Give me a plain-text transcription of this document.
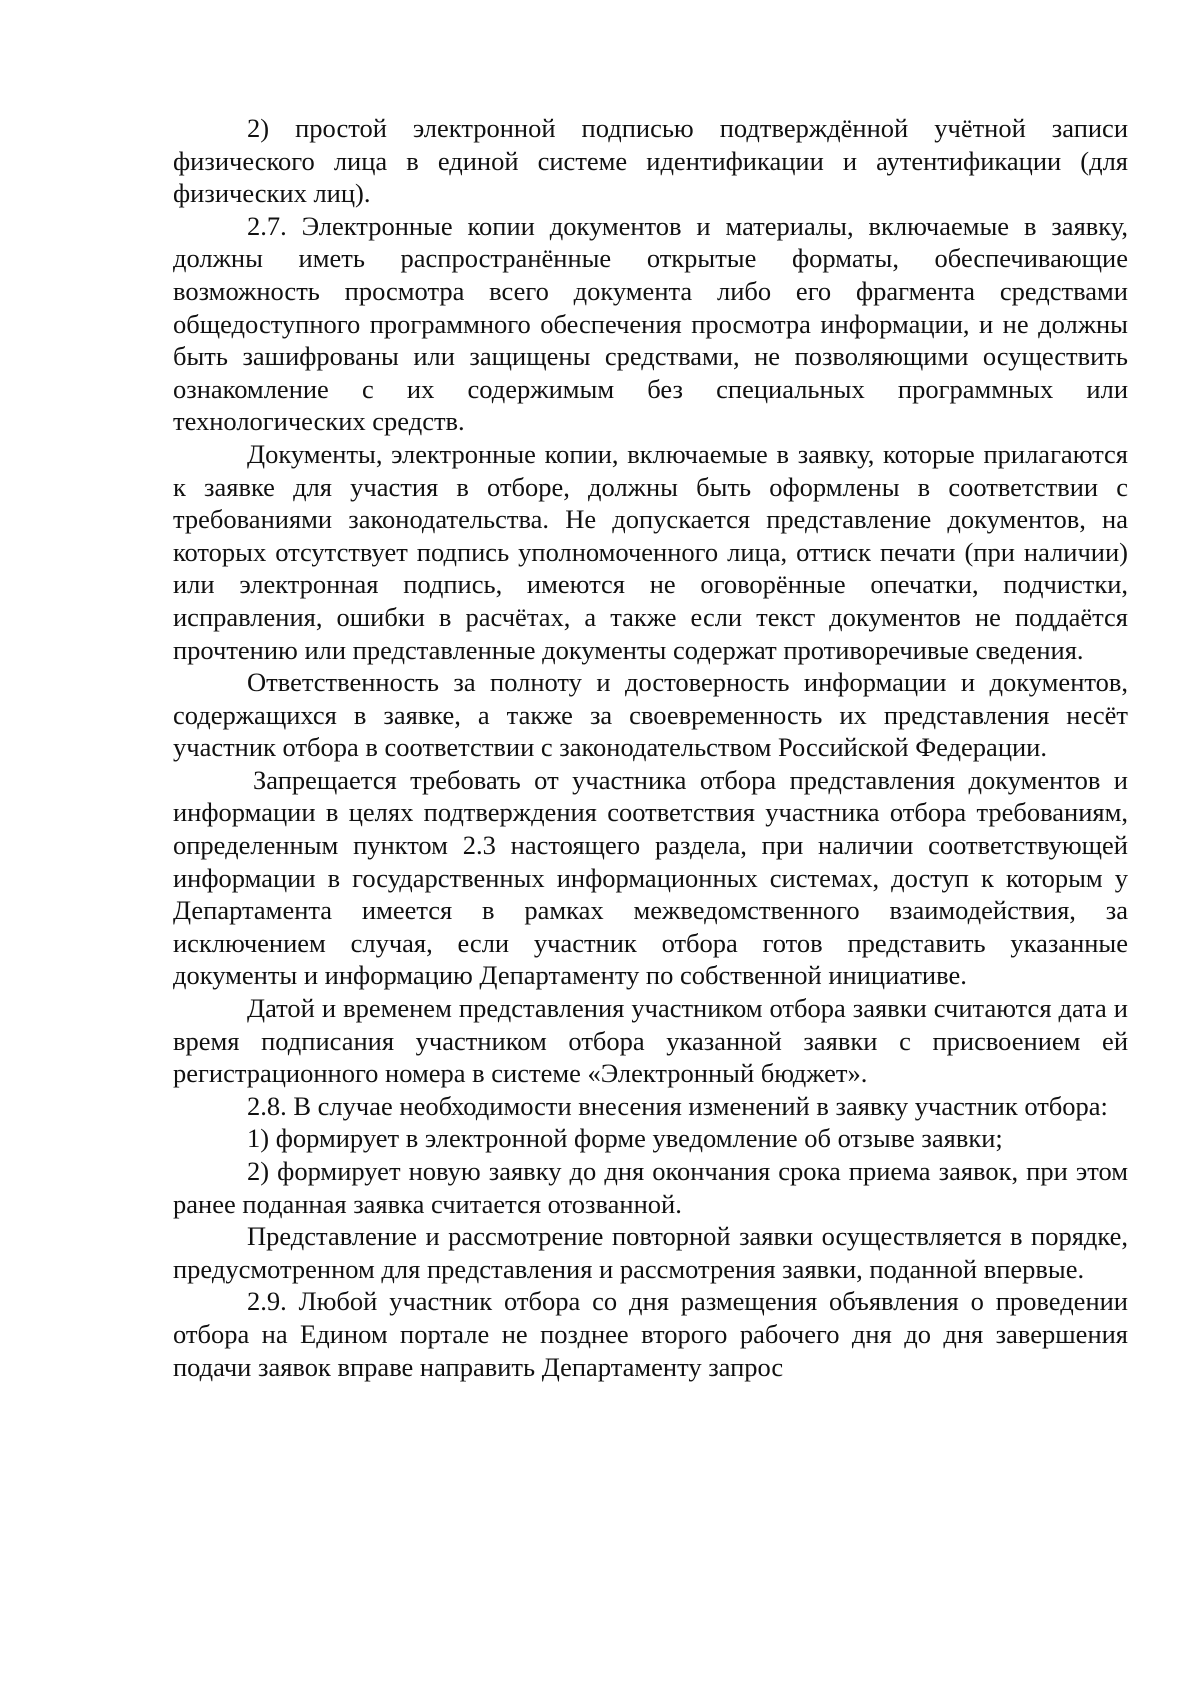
2) простой электронной подписью подтверждённой учётной записи физического лица в единой системе идентификации и аутентификации (для физических лиц).

2.7. Электронные копии документов и материалы, включаемые в заявку, должны иметь распространённые открытые форматы, обеспечивающие возможность просмотра всего документа либо его фрагмента средствами общедоступного программного обеспечения просмотра информации, и не должны быть зашифрованы или защищены средствами, не позволяющими осуществить ознакомление с их содержимым без специальных программных или технологических средств.

Документы, электронные копии, включаемые в заявку, которые прилагаются к заявке для участия в отборе, должны быть оформлены в соответствии с требованиями законодательства. Не допускается представление документов, на которых отсутствует подпись уполномоченного лица, оттиск печати (при наличии) или электронная подпись, имеются не оговорённые опечатки, подчистки, исправления, ошибки в расчётах, а также если текст документов не поддаётся прочтению или представленные документы содержат противоречивые сведения.

Ответственность за полноту и достоверность информации и документов, содержащихся в заявке, а также за своевременность их представления несёт участник отбора в соответствии с законодательством Российской Федерации.

Запрещается требовать от участника отбора представления документов и информации в целях подтверждения соответствия участника отбора требованиям, определенным пунктом 2.3 настоящего раздела, при наличии соответствующей информации в государственных информационных системах, доступ к которым у Департамента имеется в рамках межведомственного взаимодействия, за исключением случая, если участник отбора готов представить указанные документы и информацию Департаменту по собственной инициативе.

Датой и временем представления участником отбора заявки считаются дата и время подписания участником отбора указанной заявки с присвоением ей регистрационного номера в системе «Электронный бюджет».

2.8. В случае необходимости внесения изменений в заявку участник отбора:

1) формирует в электронной форме уведомление об отзыве заявки;

2) формирует новую заявку до дня окончания срока приема заявок, при этом ранее поданная заявка считается отозванной.

Представление и рассмотрение повторной заявки осуществляется в порядке, предусмотренном для представления и рассмотрения заявки, поданной впервые.

2.9. Любой участник отбора со дня размещения объявления о проведении отбора на Едином портале не позднее второго рабочего дня до дня завершения подачи заявок вправе направить Департаменту запрос
